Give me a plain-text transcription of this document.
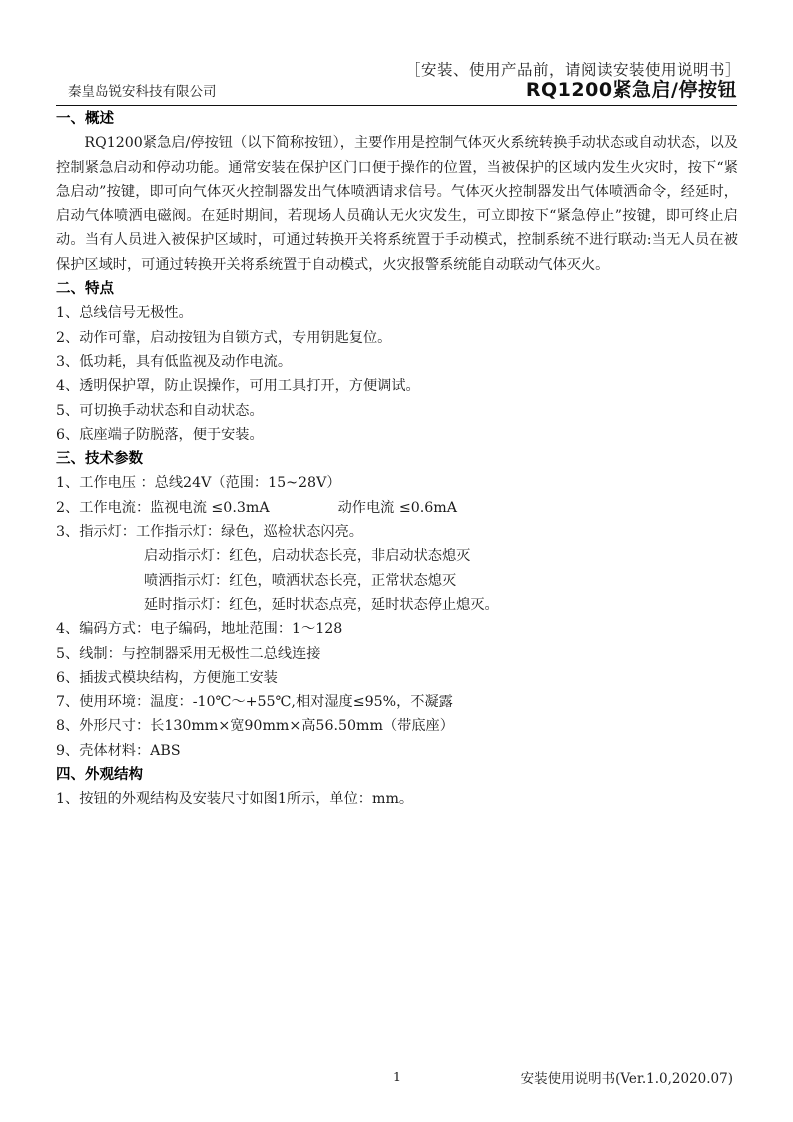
［安装、使用产品前，请阅读安装使用说明书］
秦皇岛锐安科技有限公司	RQ1200紧急启/停按钮
一、概述
RQ1200紧急启/停按钮（以下简称按钮），主要作用是控制气体灭火系统转换手动状态或自动状态，以及控制紧急启动和停动功能。通常安装在保护区门口便于操作的位置，当被保护的区域内发生火灾时，按下“紧急启动”按键，即可向气体灭火控制器发出气体喷洒请求信号。气体灭火控制器发出气体喷洒命令，经延时，启动气体喷洒电磁阀。在延时期间，若现场人员确认无火灾发生，可立即按下“紧急停止”按键，即可终止启动。当有人员进入被保护区域时，可通过转换开关将系统置于手动模式，控制系统不进行联动:当无人员在被保护区域时，可通过转换开关将系统置于自动模式，火灾报警系统能自动联动气体灭火。
二、特点
1、总线信号无极性。
2、动作可靠，启动按钮为自锁方式，专用钥匙复位。
3、低功耗，具有低监视及动作电流。
4、透明保护罩，防止误操作，可用工具打开，方便调试。
5、可切换手动状态和自动状态。
6、底座端子防脱落，便于安装。
三、技术参数
1、工作电压 ：总线24V（范围：15~28V）
2、工作电流：监视电流 ≤0.3mA	动作电流 ≤0.6mA
3、指示灯：工作指示灯：绿色，巡检状态闪亮。
启动指示灯：红色，启动状态长亮，非启动状态熄灭
喷洒指示灯：红色，喷洒状态长亮，正常状态熄灭
延时指示灯：红色，延时状态点亮，延时状态停止熄灭。
4、编码方式：电子编码，地址范围：1～128
5、线制：与控制器采用无极性二总线连接
6、插拔式模块结构，方便施工安装
7、使用环境：温度：-10℃～+55℃,相对湿度≤95%，不凝露
8、外形尺寸：长130mm×宽90mm×高56.50mm（带底座）
9、壳体材料：ABS
四、外观结构
1、按钮的外观结构及安装尺寸如图1所示，单位：mm。
1	安装使用说明书(Ver.1.0,2020.07)
